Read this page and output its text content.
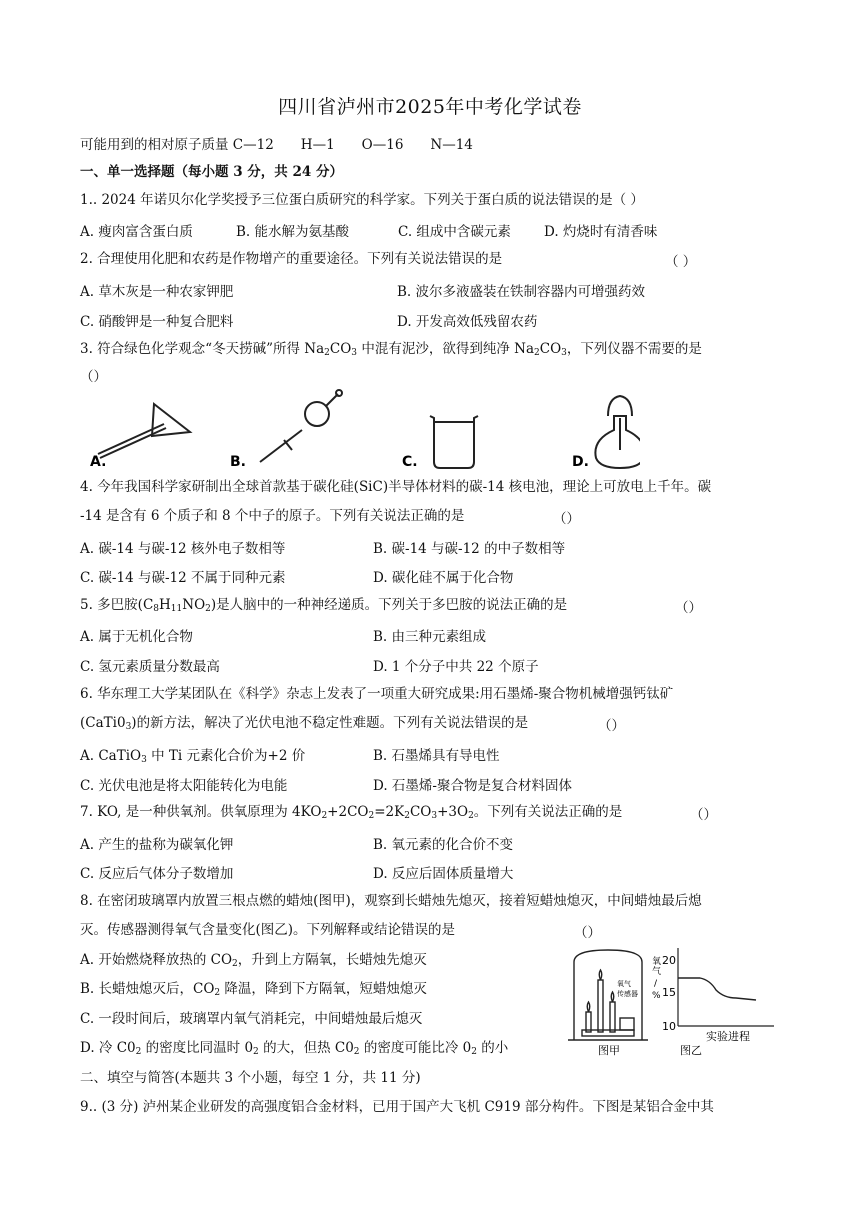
四川省泸州市2025年中考化学试卷
可能用到的相对原子质量 C—12　　H—1　　O—16　　N—14
一、单一选择题（每小题 3 分，共 24 分）
1.. 2024 年诺贝尔化学奖授予三位蛋白质研究的科学家。下列关于蛋白质的说法错误的是（ ）
A. 瘦肉富含蛋白质	B. 能水解为氨基酸	C. 组成中含碳元素 D. 灼烧时有清香味
2. 合理使用化肥和农药是作物增产的重要途径。下列有关说法错误的是	（ ）
A. 草木灰是一种农家钾肥	B. 波尔多液盛装在铁制容器内可增强药效
C. 硝酸钾是一种复合肥料	D. 开发高效低残留农药
3. 符合绿色化学观念“冬天捞碱”所得 $Na_2CO_3$ 中混有泥沙，欲得到纯净 $Na_2CO_3$，下列仪器不需要的是
（）
A.	B.	C.	D.
4. 今年我国科学家研制出全球首款基于碳化硅(SiC)半导体材料的碳-14 核电池，理论上可放电上千年。碳
-14 是含有 6 个质子和 8 个中子的原子。下列有关说法正确的是	（）
A. 碳-14 与碳-12 核外电子数相等	B. 碳-14 与碳-12 的中子数相等
C. 碳-14 与碳-12 不属于同种元素	D. 碳化硅不属于化合物
5. 多巴胺$(C_8H_{11}NO_2)$是人脑中的一种神经递质。下列关于多巴胺的说法正确的是	（）
A. 属于无机化合物	B. 由三种元素组成
C. 氢元素质量分数最高	D. 1 个分子中共 22 个原子
6. 华东理工大学某团队在《科学》杂志上发表了一项重大研究成果:用石墨烯-聚合物机械增强钙钛矿
$(CaTi0_3)$的新方法，解决了光伏电池不稳定性难题。下列有关说法错误的是	（）
A. CaTiO$_3$ 中 Ti 元素化合价为+2 价	B. 石墨烯具有导电性
C. 光伏电池是将太阳能转化为电能	D. 石墨烯-聚合物是复合材料固体
7. KO, 是一种供氧剂。供氧原理为 $4KO_2+2CO_2=2K_2CO_3+3O_2$。下列有关说法正确的是	（）
A. 产生的盐称为碳氧化钾	B. 氧元素的化合价不变
C. 反应后气体分子数增加	D. 反应后固体质量增大
8. 在密闭玻璃罩内放置三根点燃的蜡烛(图甲)，观察到长蜡烛先熄灭，接着短蜡烛熄灭，中间蜡烛最后熄
灭。传感器测得氧气含量变化(图乙)。下列解释或结论错误的是	（）
A. 开始燃烧释放热的 $CO_2$，升到上方隔氧，长蜡烛先熄灭
B. 长蜡烛熄灭后，$CO_2$ 降温，降到下方隔氧，短蜡烛熄灭
C. 一段时间后，玻璃罩内氧气消耗完，中间蜡烛最后熄灭
D. 冷 $C0_2$ 的密度比同温时 $0_2$ 的大，但热 $C0_2$ 的密度可能比冷 $0_2$ 的小
氧气
传感器
图甲
氧
气
/
%
20
15
10
实验进程
图乙
二、填空与简答(本题共 3 个小题，每空 1 分，共 11 分)
9.. (3 分) 泸州某企业研发的高强度铝合金材料，已用于国产大飞机 C919 部分构件。下图是某铝合金中其
